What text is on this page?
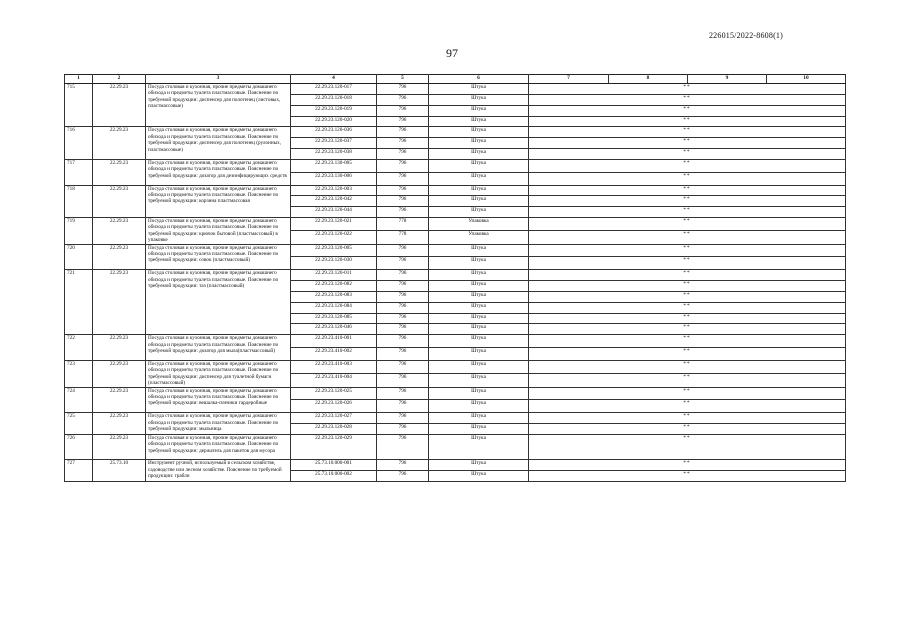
226015/2022-8608(1)
97
1	2	3	4	5	6	7	8	9	10
715	22.29.23	Посуда столовая и кухонная, прочие предметы домашнего обихода и предметы туалета пластмассовые. Пояснение по требуемой продукции: диспенсер для полотенец (листовых, пластмассовые)	22.29.23.120-017	796	Штука	**			
			22.29.23.120-018	796	Штука	**			
			22.29.23.120-019	796	Штука	**			
			22.29.23.120-020	796	Штука	**			
716	22.29.23	Посуда столовая и кухонная, прочие предметы домашнего обихода и предметы туалета пластмассовые. Пояснение по требуемой продукции: диспенсер для полотенец (рулонных, пластмассовые)	22.29.23.120-036	796	Штука	**			
			22.29.23.120-037	796	Штука	**			
			22.29.23.120-038	796	Штука	**			
717	22.29.23	Посуда столовая и кухонная, прочие предметы домашнего обихода и предметы туалета пластмассовые. Пояснение по требуемой продукции: дозатор для дезинфицирующих средств	22.29.23.130-005	796	Штука	**			
			22.29.23.130-006	796	Штука	**			
718	22.29.23	Посуда столовая и кухонная, прочие предметы домашнего обихода и предметы туалета пластмассовые. Пояснение по требуемой продукции: корзина пластмассовая	22.29.23.120-003	796	Штука	**			
			22.29.23.120-042	796	Штука	**			
			22.29.23.120-044	796	Штука	**			
719	22.29.23	Посуда столовая и кухонная, прочие предметы домашнего обихода и предметы туалета пластмассовые. Пояснение по требуемой продукции: крючок бытовой (пластмассовый) в упаковке	22.29.23.120-021	778	Упаковка	**			
			22.29.23.120-022	778	Упаковка	**			
720	22.29.23	Посуда столовая и кухонная, прочие предметы домашнего обихода и предметы туалета пластмассовые. Пояснение по требуемой продукции: совок (пластмассовый)	22.29.23.120-005	796	Штука	**			
			22.29.23.120-030	796	Штука	**			
721	22.29.23	Посуда столовая и кухонная, прочие предметы домашнего обихода и предметы туалета пластмассовые. Пояснение по требуемой продукции: таз (пластмассовый)	22.29.23.120-011	796	Штука	**			
			22.29.23.120-082	796	Штука	**			
			22.29.23.120-083	796	Штука	**			
			22.29.23.120-084	796	Штука	**			
			22.29.23.120-085	796	Штука	**			
			22.29.23.120-046	796	Штука	**			
722	22.29.23	Посуда столовая и кухонная, прочие предметы домашнего обихода и предметы туалета пластмассовые. Пояснение по требуемой продукции: дозатор для мыла(пластмассовый)	22.29.23.410-001	796	Штука	**			
			22.29.23.410-002	796	Штука	**			
723	22.29.23	Посуда столовая и кухонная, прочие предметы домашнего обихода и предметы туалета пластмассовые. Пояснение по требуемой продукции: диспенсер для туалетной бумаги (пластмассовый)	22.29.23.410-003	796	Штука	**			
			22.29.23.410-004	796	Штука	**			
724	22.29.23	Посуда столовая и кухонная, прочие предметы домашнего обихода и предметы туалета пластмассовые. Пояснение по требуемой продукции: вешалка-плечики гардеробные	22.29.23.120-025	796	Штука	**			
			22.29.23.120-026	796	Штука	**			
725	22.29.23	Посуда столовая и кухонная, прочие предметы домашнего обихода и предметы туалета пластмассовые. Пояснение по требуемой продукции: мыльница	22.29.23.120-027	796	Штука	**			
			22.29.23.120-028	796	Штука	**			
726	22.29.23	Посуда столовая и кухонная, прочие предметы домашнего обихода и предметы туалета пластмассовые. Пояснение по требуемой продукции: держатель для пакетов для мусора	22.29.23.120-029	796	Штука	**			
727	25.73.10	Инструмент ручной, используемый в сельском хозяйстве, садоводстве или лесном хозяйстве. Пояснение по требуемой продукции: грабли	25.73.10.000-001	796	Штука	**			
			25.73.10.000-002	796	Штука	**			
